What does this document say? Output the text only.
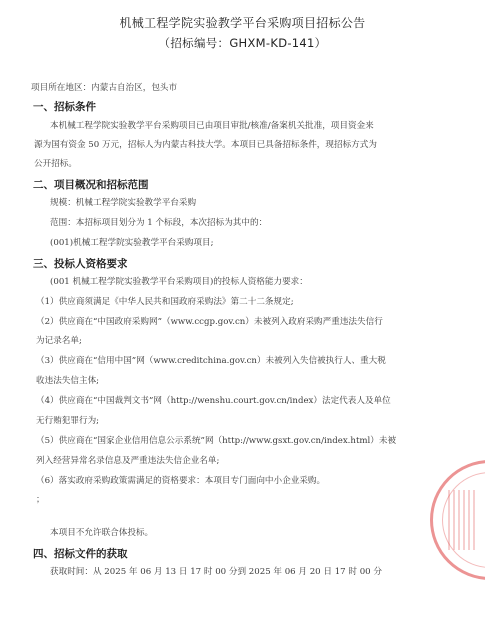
机械工程学院实验教学平台采购项目招标公告
（招标编号：GHXM-KD-141）
项目所在地区：内蒙古自治区，包头市
一、招标条件
本机械工程学院实验教学平台采购项目已由项目审批/核准/备案机关批准，项目资金来
源为国有资金 50 万元，招标人为内蒙古科技大学。本项目已具备招标条件，现招标方式为
公开招标。
二、项目概况和招标范围
规模：机械工程学院实验教学平台采购
范围：本招标项目划分为 1 个标段，本次招标为其中的：
(001)机械工程学院实验教学平台采购项目;
三、投标人资格要求
(001 机械工程学院实验教学平台采购项目)的投标人资格能力要求：
（1）供应商须满足《中华人民共和国政府采购法》第二十二条规定;
（2）供应商在“中国政府采购网”（www.ccgp.gov.cn）未被列入政府采购严重违法失信行
为记录名单;
（3）供应商在“信用中国”网（www.creditchina.gov.cn）未被列入失信被执行人、重大税
收违法失信主体;
（4）供应商在“中国裁判文书”网（http://wenshu.court.gov.cn/index）法定代表人及单位
无行贿犯罪行为;
（5）供应商在“国家企业信用信息公示系统”网（http://www.gsxt.gov.cn/index.html）未被
列入经营异常名录信息及严重违法失信企业名单;
（6）落实政府采购政策需满足的资格要求：本项目专门面向中小企业采购。
；
本项目不允许联合体投标。
四、招标文件的获取
获取时间：从 2025 年 06 月 13 日 17 时 00 分到 2025 年 06 月 20 日 17 时 00 分
